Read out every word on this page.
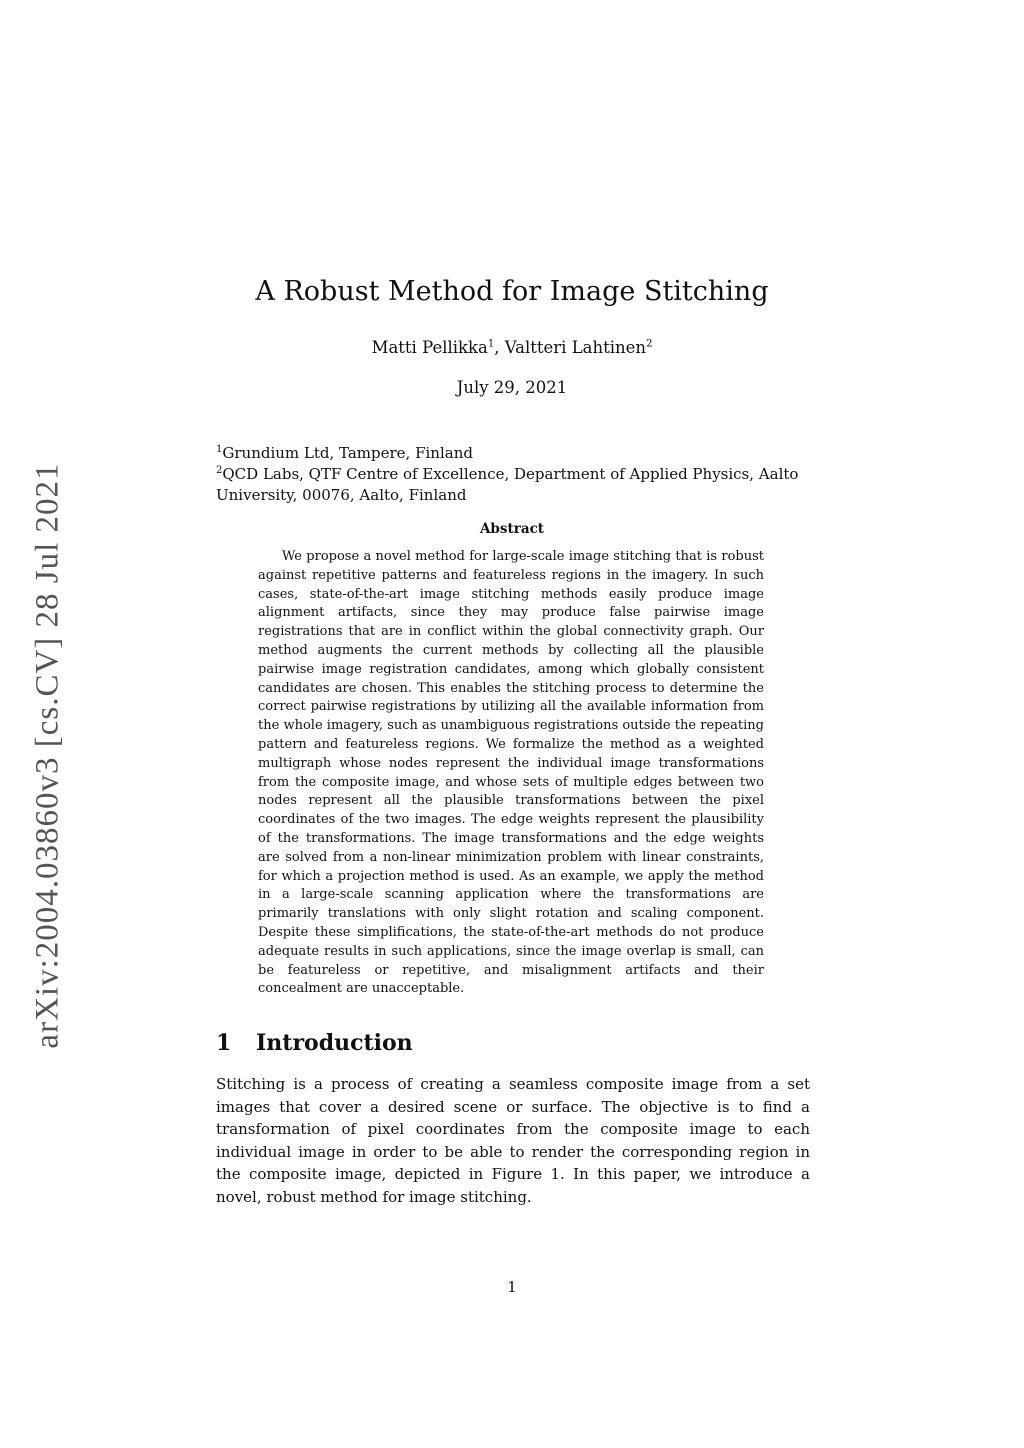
arXiv:2004.03860v3 [cs.CV] 28 Jul 2021
A Robust Method for Image Stitching
Matti Pellikka$^1$, Valtteri Lahtinen$^2$
July 29, 2021

$^1$Grundium Ltd, Tampere, Finland

$^2$QCD Labs, QTF Centre of Excellence, Department of Applied Physics, Aalto University, 00076, Aalto, Finland

Abstract

We propose a novel method for large-scale image stitching that is robust against repetitive patterns and featureless regions in the imagery. In such cases, state-of-the-art image stitching methods easily produce image alignment artifacts, since they may produce false pairwise image registrations that are in conflict within the global connectivity graph. Our method augments the current methods by collecting all the plausible pairwise image registration candidates, among which globally consistent candidates are chosen. This enables the stitching process to determine the correct pairwise registrations by utilizing all the available information from the whole imagery, such as unambiguous registrations outside the repeating pattern and featureless regions. We formalize the method as a weighted multigraph whose nodes represent the individual image transformations from the composite image, and whose sets of multiple edges between two nodes represent all the plausible transformations between the pixel coordinates of the two images. The edge weights represent the plausibility of the transformations. The image transformations and the edge weights are solved from a non-linear minimization problem with linear constraints, for which a projection method is used. As an example, we apply the method in a large-scale scanning application where the transformations are primarily translations with only slight rotation and scaling component. Despite these simplifications, the state-of-the-art methods do not produce adequate results in such applications, since the image overlap is small, can be featureless or repetitive, and misalignment artifacts and their concealment are unacceptable.

1 Introduction

Stitching is a process of creating a seamless composite image from a set images that cover a desired scene or surface. The objective is to find a transformation of pixel coordinates from the composite image to each individual image in order to be able to render the corresponding region in the composite image, depicted in Figure 1. In this paper, we introduce a novel, robust method for image stitching.

1
